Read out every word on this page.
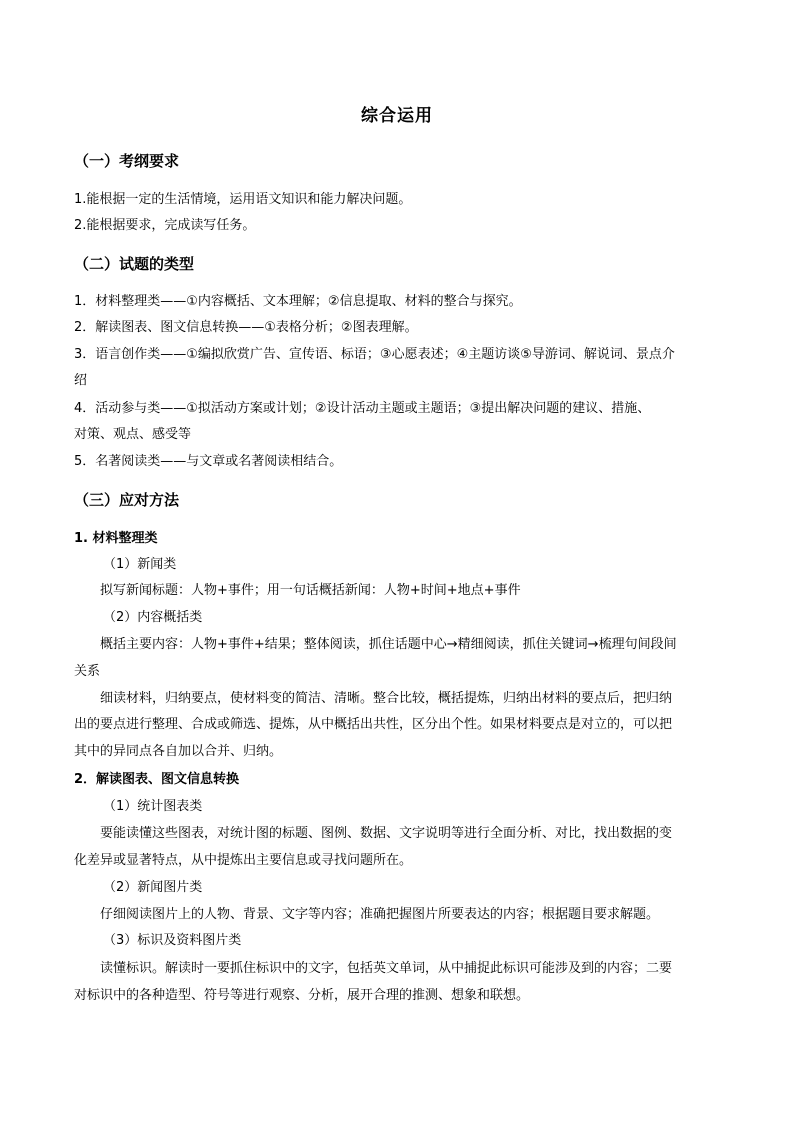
综合运用
（一）考纲要求
1.能根据一定的生活情境，运用语文知识和能力解决问题。
2.能根据要求，完成读写任务。
（二）试题的类型
1．材料整理类——①内容概括、文本理解；②信息提取、材料的整合与探究。
2．解读图表、图文信息转换——①表格分析；②图表理解。
3．语言创作类——①编拟欣赏广告、宣传语、标语；③心愿表述；④主题访谈⑤导游词、解说词、景点介
绍
4．活动参与类——①拟活动方案或计划；②设计活动主题或主题语；③提出解决问题的建议、措施、
对策、观点、感受等
5．名著阅读类——与文章或名著阅读相结合。
（三）应对方法
1. 材料整理类
（1）新闻类
拟写新闻标题：人物+事件；用一句话概括新闻：人物+时间+地点+事件
（2）内容概括类
概括主要内容：人物+事件+结果；整体阅读，抓住话题中心→精细阅读，抓住关键词→梳理句间段间
关系
细读材料，归纳要点，使材料变的简洁、清晰。整合比较，概括提炼，归纳出材料的要点后，把归纳
出的要点进行整理、合成或筛选、提炼，从中概括出共性，区分出个性。如果材料要点是对立的，可以把
其中的异同点各自加以合并、归纳。
2．解读图表、图文信息转换
（1）统计图表类
要能读懂这些图表，对统计图的标题、图例、数据、文字说明等进行全面分析、对比，找出数据的变
化差异或显著特点，从中提炼出主要信息或寻找问题所在。
（2）新闻图片类
仔细阅读图片上的人物、背景、文字等内容；准确把握图片所要表达的内容；根据题目要求解题。
（3）标识及资料图片类
读懂标识。解读时一要抓住标识中的文字，包括英文单词，从中捕捉此标识可能涉及到的内容；二要
对标识中的各种造型、符号等进行观察、分析，展开合理的推测、想象和联想。
